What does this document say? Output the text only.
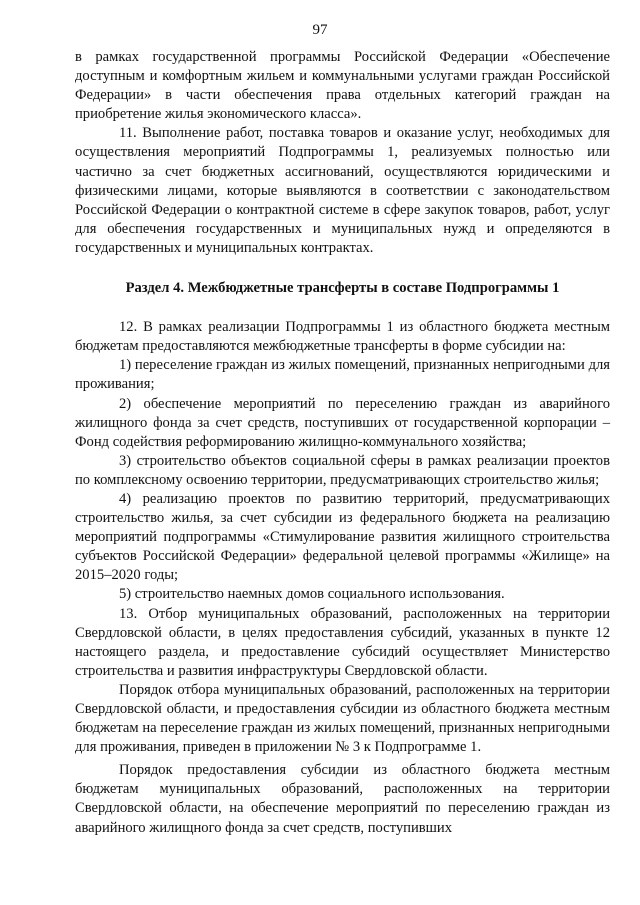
97

в рамках государственной программы Российской Федерации «Обеспечение доступным и комфортным жильем и коммунальными услугами граждан Российской Федерации» в части обеспечения права отдельных категорий граждан на приобретение жилья экономического класса».

11. Выполнение работ, поставка товаров и оказание услуг, необходимых для осуществления мероприятий Подпрограммы 1, реализуемых полностью или частично за счет бюджетных ассигнований, осуществляются юридическими и физическими лицами, которые выявляются в соответствии с законодательством Российской Федерации о контрактной системе в сфере закупок товаров, работ, услуг для обеспечения государственных и муниципальных нужд и определяются в государственных и муниципальных контрактах.

Раздел 4. Межбюджетные трансферты в составе Подпрограммы 1

12. В рамках реализации Подпрограммы 1 из областного бюджета местным бюджетам предоставляются межбюджетные трансферты в форме субсидии на:

1) переселение граждан из жилых помещений, признанных непригодными для проживания;

2) обеспечение мероприятий по переселению граждан из аварийного жилищного фонда за счет средств, поступивших от государственной корпорации – Фонд содействия реформированию жилищно-коммунального хозяйства;

3) строительство объектов социальной сферы в рамках реализации проектов по комплексному освоению территории, предусматривающих строительство жилья;

4) реализацию проектов по развитию территорий, предусматривающих строительство жилья, за счет субсидии из федерального бюджета на реализацию мероприятий подпрограммы «Стимулирование развития жилищного строительства субъектов Российской Федерации» федеральной целевой программы «Жилище» на 2015–2020 годы;

5) строительство наемных домов социального использования.

13. Отбор муниципальных образований, расположенных на территории Свердловской области, в целях предоставления субсидий, указанных в пункте 12 настоящего раздела, и предоставление субсидий осуществляет Министерство строительства и развития инфраструктуры Свердловской области.

Порядок отбора муниципальных образований, расположенных на территории Свердловской области, и предоставления субсидии из областного бюджета местным бюджетам на переселение граждан из жилых помещений, признанных непригодными для проживания, приведен в приложении № 3 к Подпрограмме 1.

Порядок предоставления субсидии из областного бюджета местным бюджетам муниципальных образований, расположенных на территории Свердловской области, на обеспечение мероприятий по переселению граждан из аварийного жилищного фонда за счет средств, поступивших
